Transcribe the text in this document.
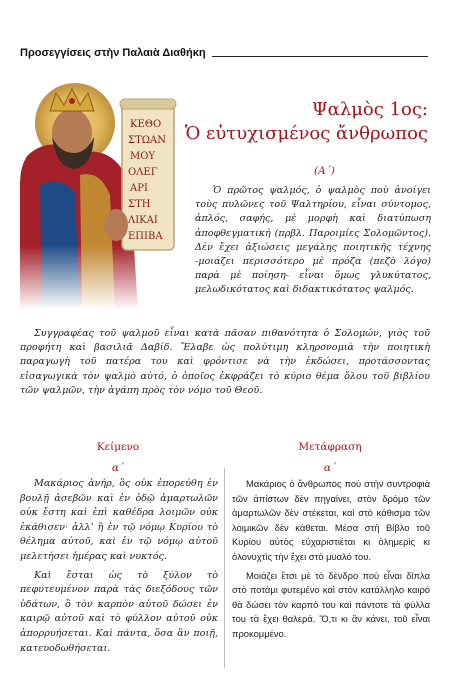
Προσεγγίσεις στὴν Παλαιὰ Διαθήκη
ΚΕΘΟ
ΣΤΩΑΝ
ΜΟΥ
ΟΛΕΓ
ΑΡΙ
ΣΤΗ
ΛΙΚΑΙ
ΕΠΙΒΑ
Ψαλμὸς 1ος:
Ὁ εὐτυχισμένος ἄνθρωπος
(Α΄)

Ὁ πρῶτος ψαλμός, ὁ ψαλμὸς ποὺ ἀνοίγει τοὺς πυλῶνες τοῦ Ψαλτηρίου, εἶναι σύντομος, ἁπλός, σαφής, μὲ μορφὴ καὶ διατύπωση ἀποφθεγματική (πρβλ. Παροιμίες Σολομῶντος). Δὲν ἔχει ἀξιώσεις μεγάλης ποιητικῆς τέχνης -μοιάζει περισσότερο μὲ πρόζα (πεζὸ λόγο) παρὰ μὲ ποίηση- εἶναι ὅμως γλυκύτατος, μελωδικότατος καὶ διδακτικότατος ψαλμός.

Συγγραφέας τοῦ ψαλμοῦ εἶναι κατὰ πᾶσαν πιθανότητα ὁ Σολομών, γιὸς τοῦ προφήτη καὶ βασιλιᾶ Δαβίδ. Ἔλαβε ὡς πολύτιμη κληρονομιὰ τὴν ποιητικὴ παραγωγὴ τοῦ πατέρα του καὶ φρόντισε νὰ τὴν ἐκδώσει, προτάσσοντας εἰσαγωγικὰ τὸν ψαλμὸ αὐτό, ὁ ὁποῖος ἐκφράζει τὸ κύριο θέμα ὅλου τοῦ βιβλίου τῶν ψαλμῶν, τὴν ἀγάπη πρὸς τὸν νόμο τοῦ Θεοῦ.

Κείμενο	Μετάφραση
α΄	α΄

Μακάριος ἀνήρ, ὃς οὐκ ἐπορεύθη ἐν βουλῇ ἀσεβῶν καὶ ἐν ὁδῷ ἁμαρτωλῶν οὐκ ἔστη καὶ ἐπὶ καθέδρα λοιμῶν οὐκ ἐκάθισεν· ἀλλ’ ἢ ἐν τῷ νόμῳ Κυρίου τὸ θέλημα αὐτοῦ, καὶ ἐν τῷ νόμῳ αὐτοῦ μελετήσει ἡμέρας καὶ νυκτός.

Καὶ ἔσται ὡς τὸ ξύλον τὸ πεφυτευμένον παρὰ τὰς διεξόδους τῶν ὑδάτων, ὃ τὸν καρπὸν αὐτοῦ δώσει ἐν καιρῷ αὐτοῦ καὶ τὸ φύλλον αὐτοῦ οὐκ ἀπορρυήσεται. Καὶ πάντα, ὅσα ἂν ποιῇ, κατευοδωθήσεται.

Μακάριος ὁ ἄνθρωπος ποὺ στὴν συντροφιὰ τῶν ἀπίστων δὲν πηγαίνει, στὸν δρόμο τῶν ἁμαρτωλῶν δὲν στέκεται, καὶ στὸ κάθισμα τῶν λοιμικῶν δὲν κάθεται. Μέσα στὴ Βίβλο τοῦ Κυρίου αὐτὸς εὐχαριστιέται κι ὁλημερὶς κι ὁλονυχτὶς τὴν ἔχει στὸ μυαλό του.

Μοιάζει ἔτσι μὲ τὸ δένδρο ποὺ εἶναι δίπλα στὸ ποτάμι φυτεμένο καὶ στὸν κατάλληλο καιρὸ θὰ δώσει τὸν καρπὸ του καὶ πάντοτε τὰ φύλλα του τὰ ἔχει θαλερά. Ὅ,τι κι ἂν κάνει, τοῦ εἶναι προκομμένο.
